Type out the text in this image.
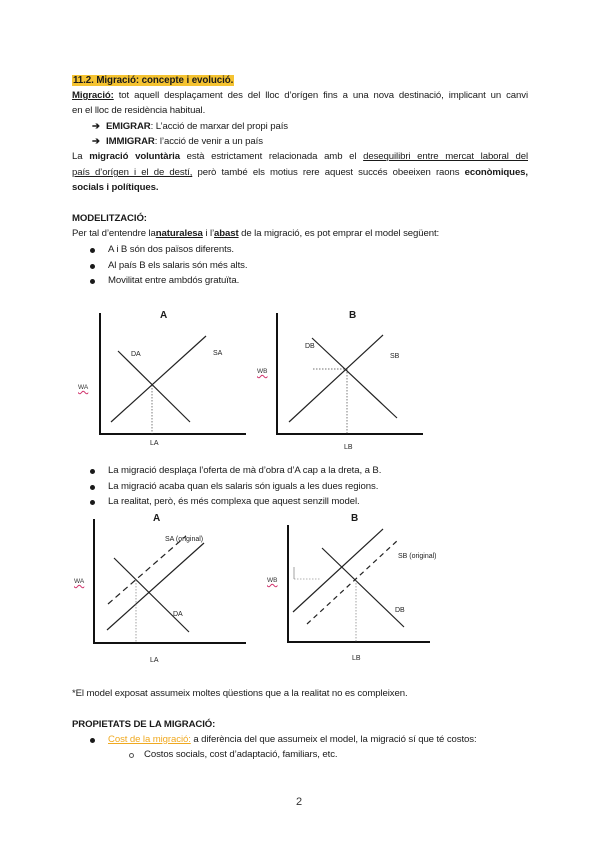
11.2. Migració: concepte i evolució.
Migració: tot aquell desplaçament des del lloc d’orígen fins a una nova destinació, implicant un canvi
en el lloc de residència habitual.
➔ EMIGRAR: L’acció de marxar del propi país
➔ IMMIGRAR: l’acció de venir a un país
La migració voluntària està estrictament relacionada amb el desequilibri entre mercat laboral del
país d’orígen i el de destí, però també els motius rere aquest succés obeeixen raons econòmiques,
socials i polítiques.
MODELITZACIÓ:
Per tal d’entendre lanaturalesa i l’abast de la migració, es pot emprar el model següent:
A i B són dos països diferents.
Al país B els salaris són més alts.
Movilitat entre ambdós gratuïta.
A
WA
LA
DA	SA
B
WB
LB
DB
SB
La migració desplaça l’oferta de mà d’obra d’A cap a la dreta, a B.
La migració acaba quan els salaris són iguals a les dues regions.
La realitat, però, és més complexa que aquest senzill model.
A
WA
LA
SA (original)
DA
B
WB
LB
SB (original)
DB
*El model exposat assumeix moltes qüestions que a la realitat no es compleixen.
PROPIETATS DE LA MIGRACIÓ:
Cost de la migració: a diferència del que assumeix el model, la migració sí que té costos:
Costos socials, cost d’adaptació, familiars, etc.
2
